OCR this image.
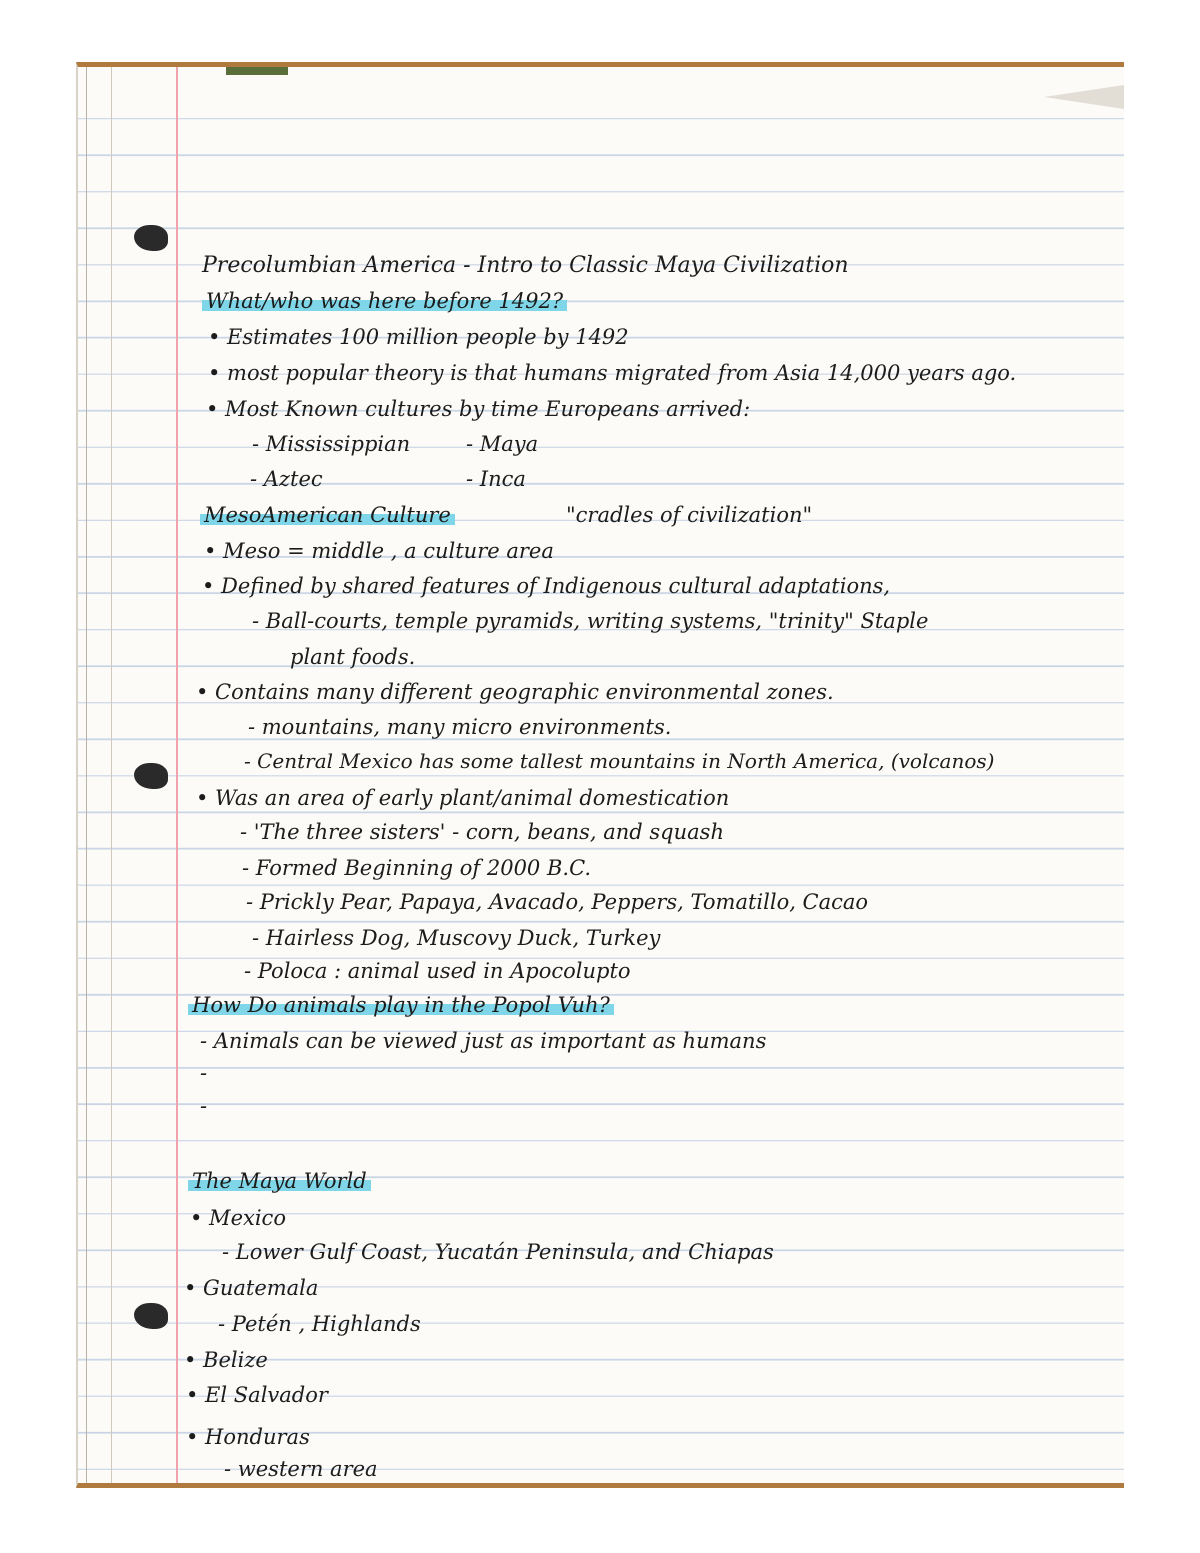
Precolumbian America - Intro to Classic Maya Civilization

What/who was here before 1492?

• Estimates 100 million people by 1492

• most popular theory is that humans migrated from Asia 14,000 years ago.

• Most Known cultures by time Europeans arrived:

- Mississippian	- Maya

- Aztec	- Inca

MesoAmerican Culture	"cradles of civilization"

• Meso = middle , a culture area

• Defined by shared features of Indigenous cultural adaptations,

- Ball-courts, temple pyramids, writing systems, "trinity" Staple

plant foods.

• Contains many different geographic environmental zones.

- mountains, many micro environments.

- Central Mexico has some tallest mountains in North America, (volcanos)

• Was an area of early plant/animal domestication

- 'The three sisters' - corn, beans, and squash

- Formed Beginning of 2000 B.C.

- Prickly Pear, Papaya, Avacado, Peppers, Tomatillo, Cacao

- Hairless Dog, Muscovy Duck, Turkey

- Poloca : animal used in Apocolupto

How Do animals play in the Popol Vuh?

- Animals can be viewed just as important as humans

-

-

The Maya World

• Mexico

- Lower Gulf Coast, Yucatán Peninsula, and Chiapas

• Guatemala

- Petén , Highlands

• Belize

• El Salvador

• Honduras

- western area
